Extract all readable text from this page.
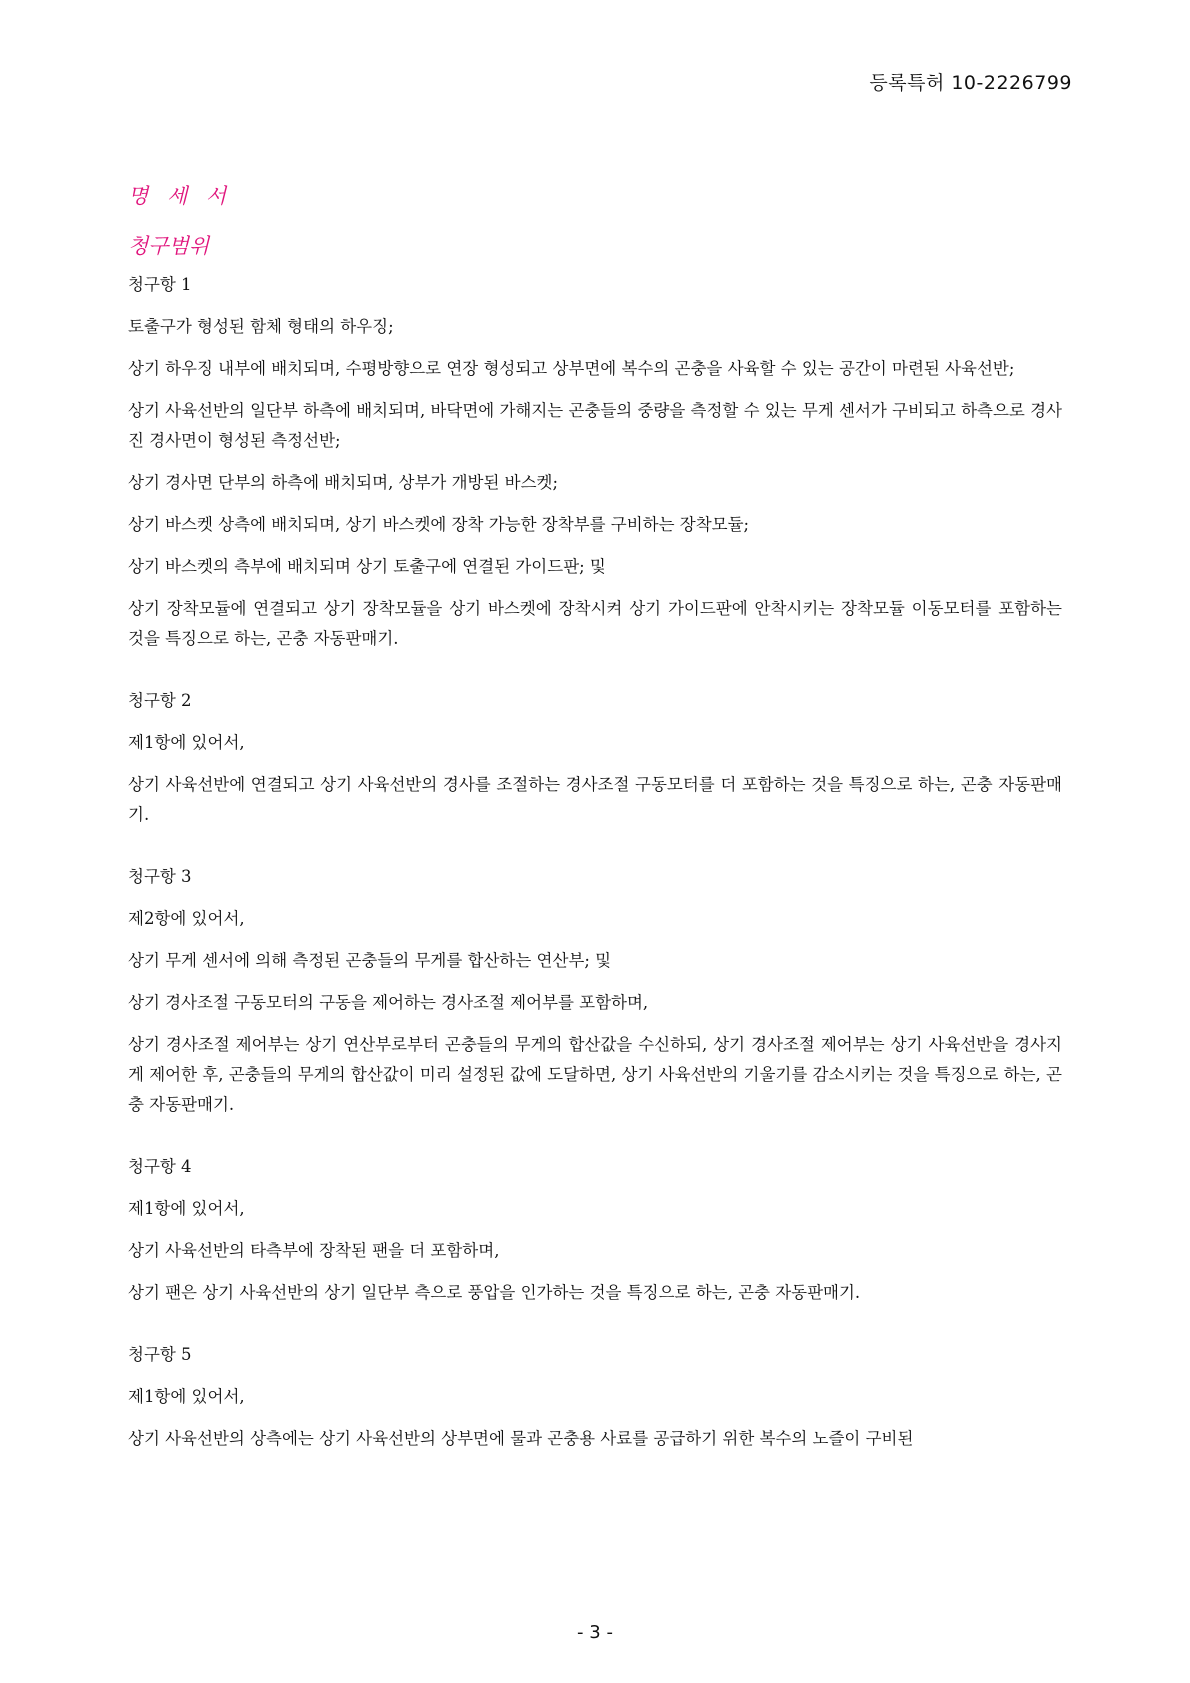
등록특허 10-2226799
명 세 서
청구범위

청구항 1

토출구가 형성된 함체 형태의 하우징;

상기 하우징 내부에 배치되며, 수평방향으로 연장 형성되고 상부면에 복수의 곤충을 사육할 수 있는 공간이 마련된 사육선반;

상기 사육선반의 일단부 하측에 배치되며, 바닥면에 가해지는 곤충들의 중량을 측정할 수 있는 무게 센서가 구비되고 하측으로 경사진 경사면이 형성된 측정선반;

상기 경사면 단부의 하측에 배치되며, 상부가 개방된 바스켓;

상기 바스켓 상측에 배치되며, 상기 바스켓에 장착 가능한 장착부를 구비하는 장착모듈;

상기 바스켓의 측부에 배치되며 상기 토출구에 연결된 가이드판; 및

상기 장착모듈에 연결되고 상기 장착모듈을 상기 바스켓에 장착시켜 상기 가이드판에 안착시키는 장착모듈 이동모터를 포함하는 것을 특징으로 하는, 곤충 자동판매기.

청구항 2

제1항에 있어서,

상기 사육선반에 연결되고 상기 사육선반의 경사를 조절하는 경사조절 구동모터를 더 포함하는 것을 특징으로 하는, 곤충 자동판매기.

청구항 3

제2항에 있어서,

상기 무게 센서에 의해 측정된 곤충들의 무게를 합산하는 연산부; 및

상기 경사조절 구동모터의 구동을 제어하는 경사조절 제어부를 포함하며,

상기 경사조절 제어부는 상기 연산부로부터 곤충들의 무게의 합산값을 수신하되, 상기 경사조절 제어부는 상기 사육선반을 경사지게 제어한 후, 곤충들의 무게의 합산값이 미리 설정된 값에 도달하면, 상기 사육선반의 기울기를 감소시키는 것을 특징으로 하는, 곤충 자동판매기.

청구항 4

제1항에 있어서,

상기 사육선반의 타측부에 장착된 팬을 더 포함하며,

상기 팬은 상기 사육선반의 상기 일단부 측으로 풍압을 인가하는 것을 특징으로 하는, 곤충 자동판매기.

청구항 5

제1항에 있어서,

상기 사육선반의 상측에는 상기 사육선반의 상부면에 물과 곤충용 사료를 공급하기 위한 복수의 노즐이 구비된

- 3 -
